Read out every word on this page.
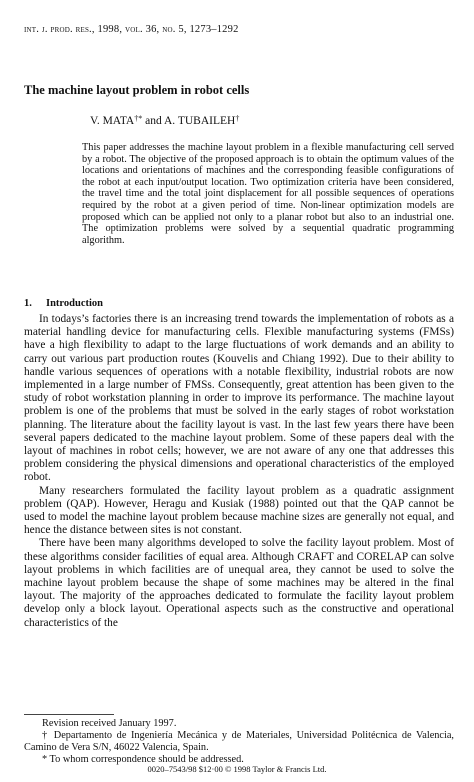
int. j. prod. res., 1998, vol. 36, no. 5, 1273–1292
The machine layout problem in robot cells
V. MATA†* and A. TUBAILEH†
This paper addresses the machine layout problem in a flexible manufacturing cell served by a robot. The objective of the proposed approach is to obtain the optimum values of the locations and orientations of machines and the corresponding feasible configurations of the robot at each input/output location. Two optimization criteria have been considered, the travel time and the total joint displacement for all possible sequences of operations required by the robot at a given period of time. Non-linear optimization models are proposed which can be applied not only to a planar robot but also to an industrial one. The optimization problems were solved by a sequential quadratic programming algorithm.
1. Introduction

In todays’s factories there is an increasing trend towards the implementation of robots as a material handling device for manufacturing cells. Flexible manufacturing systems (FMSs) have a high flexibility to adapt to the large fluctuations of work demands and an ability to carry out various part production routes (Kouvelis and Chiang 1992). Due to their ability to handle various sequences of operations with a notable flexibility, industrial robots are now implemented in a large number of FMSs. Consequently, great attention has been given to the study of robot workstation planning in order to improve its performance. The machine layout problem is one of the problems that must be solved in the early stages of robot workstation planning. The literature about the facility layout is vast. In the last few years there have been several papers dedicated to the machine layout problem. Some of these papers deal with the layout of machines in robot cells; however, we are not aware of any one that addresses this problem considering the physical dimensions and operational characteristics of the employed robot.

Many researchers formulated the facility layout problem as a quadratic assignment problem (QAP). However, Heragu and Kusiak (1988) pointed out that the QAP cannot be used to model the machine layout problem because machine sizes are generally not equal, and hence the distance between sites is not constant.

There have been many algorithms developed to solve the facility layout problem. Most of these algorithms consider facilities of equal area. Although CRAFT and CORELAP can solve layout problems in which facilities are of unequal area, they cannot be used to solve the machine layout problem because the shape of some machines may be altered in the final layout. The majority of the approaches dedicated to formulate the facility layout problem develop only a block layout. Operational aspects such as the constructive and operational characteristics of the

Revision received January 1997.

† Departamento de Ingeniería Mecánica y de Materiales, Universidad Politécnica de Valencia, Camino de Vera S/N, 46022 Valencia, Spain.

* To whom correspondence should be addressed.

0020–7543/98 $12·00 © 1998 Taylor & Francis Ltd.
